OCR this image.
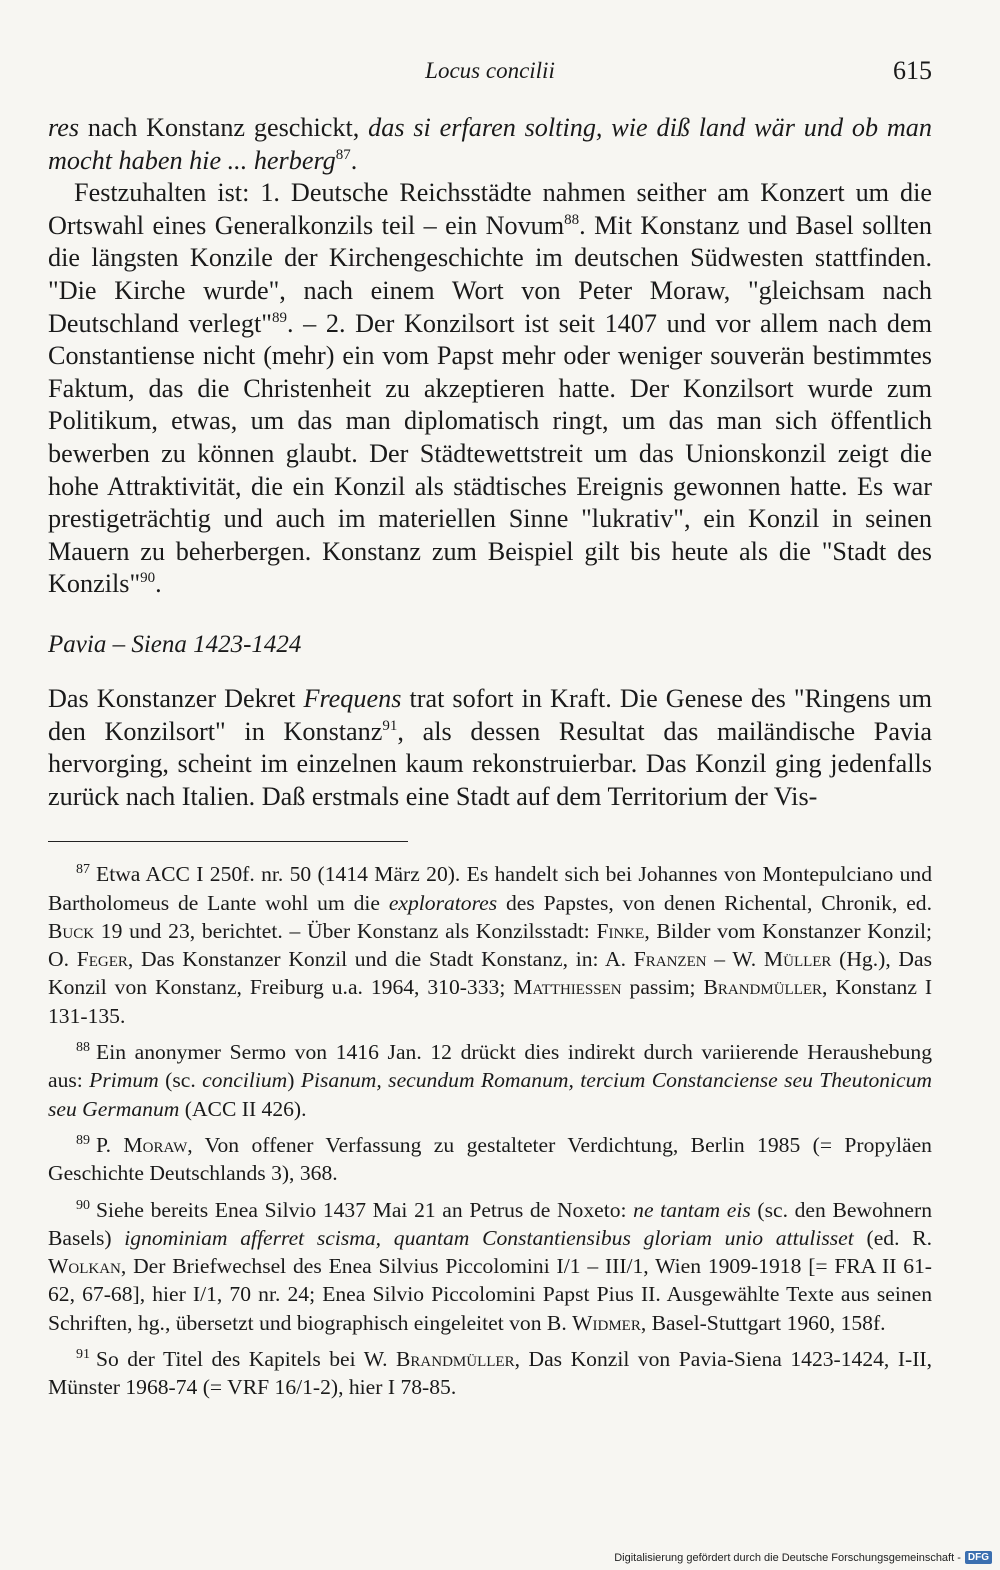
Locus concilii	615

res nach Konstanz geschickt, das si erfaren solting, wie diß land wär und ob man mocht haben hie ... herberg$^{87}$.

Festzuhalten ist: 1. Deutsche Reichsstädte nahmen seither am Konzert um die Ortswahl eines Generalkonzils teil – ein Novum$^{88}$. Mit Konstanz und Basel sollten die längsten Konzile der Kirchengeschichte im deutschen Südwesten stattfinden. "Die Kirche wurde", nach einem Wort von Peter Moraw, "gleichsam nach Deutschland verlegt"$^{89}$. – 2. Der Konzilsort ist seit 1407 und vor allem nach dem Constantiense nicht (mehr) ein vom Papst mehr oder weniger souverän bestimmtes Faktum, das die Christenheit zu akzeptieren hatte. Der Konzilsort wurde zum Politikum, etwas, um das man diplomatisch ringt, um das man sich öffentlich bewerben zu können glaubt. Der Städtewettstreit um das Unionskonzil zeigt die hohe Attraktivität, die ein Konzil als städtisches Ereignis gewonnen hatte. Es war prestigeträchtig und auch im materiellen Sinne "lukrativ", ein Konzil in seinen Mauern zu beherbergen. Konstanz zum Beispiel gilt bis heute als die "Stadt des Konzils"$^{90}$.

Pavia – Siena 1423-1424

Das Konstanzer Dekret Frequens trat sofort in Kraft. Die Genese des "Ringens um den Konzilsort" in Konstanz$^{91}$, als dessen Resultat das mailändische Pavia hervorging, scheint im einzelnen kaum rekonstruierbar. Das Konzil ging jedenfalls zurück nach Italien. Daß erstmals eine Stadt auf dem Territorium der Vis-

$^{87}$ Etwa ACC I 250f. nr. 50 (1414 März 20). Es handelt sich bei Johannes von Montepulciano und Bartholomeus de Lante wohl um die exploratores des Papstes, von denen Richental, Chronik, ed. Buck 19 und 23, berichtet. – Über Konstanz als Konzilsstadt: Finke, Bilder vom Konstanzer Konzil; O. Feger, Das Konstanzer Konzil und die Stadt Konstanz, in: A. Franzen – W. Müller (Hg.), Das Konzil von Konstanz, Freiburg u.a. 1964, 310-333; Matthiessen passim; Brandmüller, Konstanz I 131-135.

$^{88}$ Ein anonymer Sermo von 1416 Jan. 12 drückt dies indirekt durch variierende Heraushebung aus: Primum (sc. concilium) Pisanum, secundum Romanum, tercium Constanciense seu Theutonicum seu Germanum (ACC II 426).

$^{89}$ P. Moraw, Von offener Verfassung zu gestalteter Verdichtung, Berlin 1985 (= Propyläen Geschichte Deutschlands 3), 368.

$^{90}$ Siehe bereits Enea Silvio 1437 Mai 21 an Petrus de Noxeto: ne tantam eis (sc. den Bewohnern Basels) ignominiam afferret scisma, quantam Constantiensibus gloriam unio attulisset (ed. R. Wolkan, Der Briefwechsel des Enea Silvius Piccolomini I/1 – III/1, Wien 1909-1918 [= FRA II 61-62, 67-68], hier I/1, 70 nr. 24; Enea Silvio Piccolomini Papst Pius II. Ausgewählte Texte aus seinen Schriften, hg., übersetzt und biographisch eingeleitet von B. Widmer, Basel-Stuttgart 1960, 158f.

$^{91}$ So der Titel des Kapitels bei W. Brandmüller, Das Konzil von Pavia-Siena 1423-1424, I-II, Münster 1968-74 (= VRF 16/1-2), hier I 78-85.

Digitalisierung gefördert durch die Deutsche Forschungsgemeinschaft - DFG
